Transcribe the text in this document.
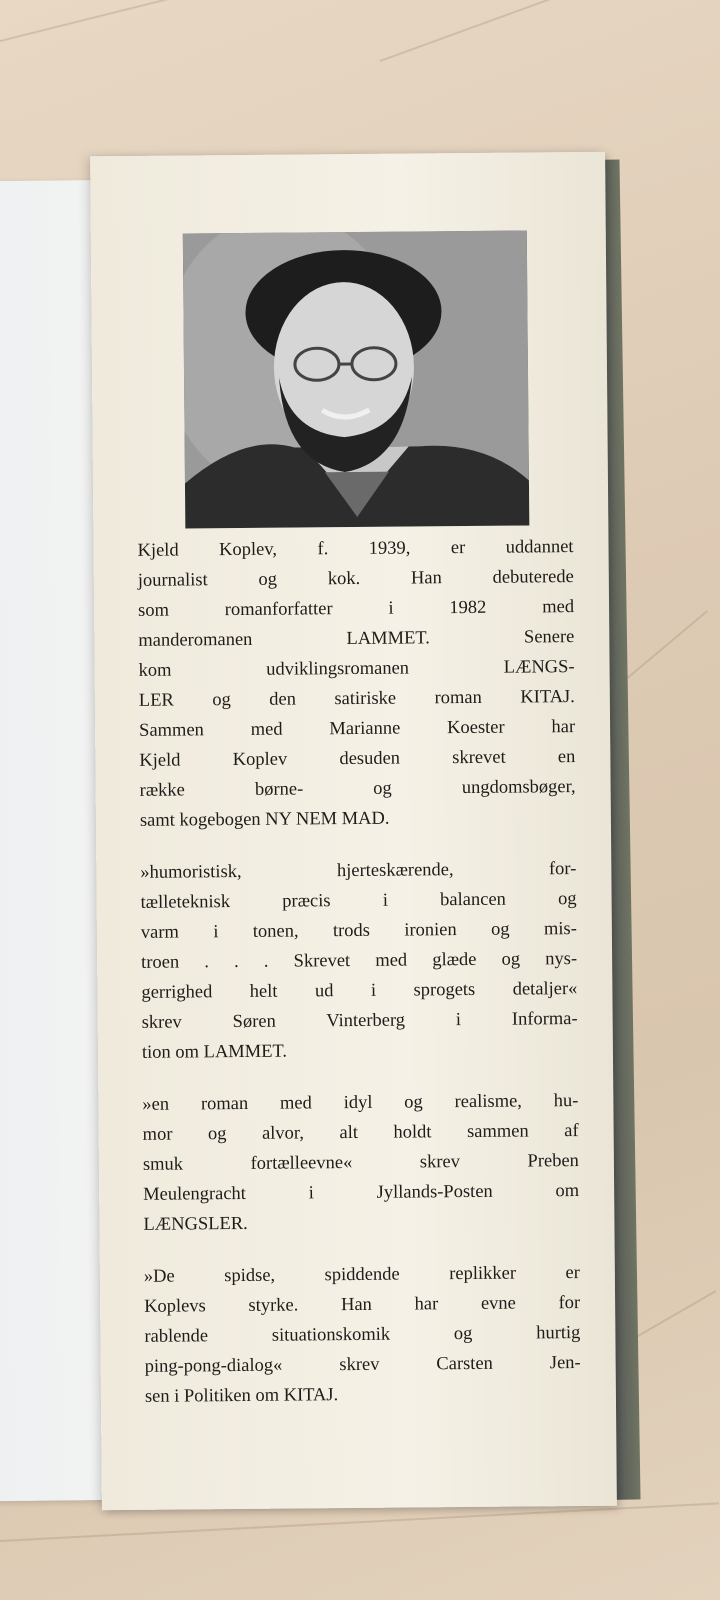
Kjeld Koplev, f. 1939, er uddannet
journalist og kok. Han debuterede
som romanforfatter i 1982 med
manderomanen LAMMET. Senere
kom udviklingsromanen LÆNGS-
LER og den satiriske roman KITAJ.
Sammen med Marianne Koester har
Kjeld Koplev desuden skrevet en
række børne- og ungdomsbøger,
samt kogebogen NY NEM MAD.

»humoristisk, hjerteskærende, for-
tælleteknisk præcis i balancen og
varm i tonen, trods ironien og mis-
troen . . . Skrevet med glæde og nys-
gerrighed helt ud i sprogets detaljer«
skrev Søren Vinterberg i Informa-
tion om LAMMET.

»en roman med idyl og realisme, hu-
mor og alvor, alt holdt sammen af
smuk fortælleevne« skrev Preben
Meulengracht i Jyllands-Posten om
LÆNGSLER.

»De spidse, spiddende replikker er
Koplevs styrke. Han har evne for
rablende situationskomik og hurtig
ping-pong-dialog« skrev Carsten Jen-
sen i Politiken om KITAJ.
